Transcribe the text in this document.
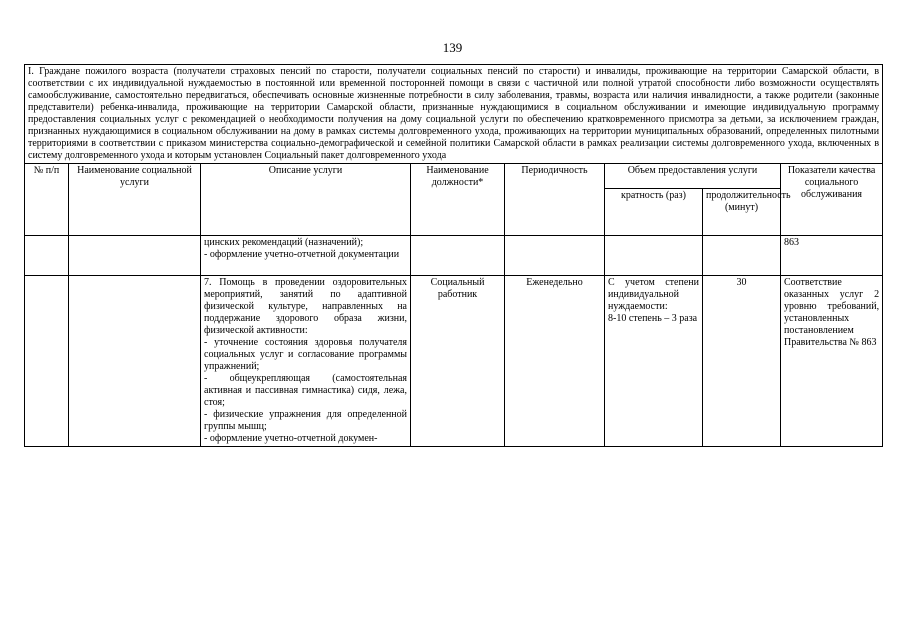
139
I. Граждане пожилого возраста (получатели страховых пенсий по старости, получатели социальных пенсий по старости) и инвалиды, проживающие на территории Самарской области, в соответствии с их индивидуальной нуждаемостью в постоянной или временной посторонней помощи в связи с частичной или полной утратой способности либо возможности осуществлять самообслуживание, самостоятельно передвигаться, обеспечивать основные жизненные потребности в силу заболевания, травмы, возраста или наличия инвалидности, а также родители (законные представители) ребенка-инвалида, проживающие на территории Самарской области, признанные нуждающимися в социальном обслуживании и имеющие индивидуальную программу предоставления социальных услуг с рекомендацией о необходимости получения на дому социальной услуги по обеспечению кратковременного присмотра за детьми, за исключением граждан, признанных нуждающимися в социальном обслуживании на дому в рамках системы долговременного ухода, проживающих на территории муниципальных образований, определенных пилотными территориями в соответствии с приказом министерства социально-демографической и семейной политики Самарской области в рамках реализации системы долговременного ухода, включенных в систему долговременного ухода и которым установлен Социальный пакет долговременного ухода							
№ п/п	Наименование социальной услуги	Описание услуги	Наименование должности*	Периодичность	Объем предоставления услуги		Показатели качества социального обслуживания
					кратность (раз)	продолжительность (минут)	

		цинских рекомендаций (назначений);
- оформление учетно-отчетной документации					863

		7. Помощь в проведении оздоровительных мероприятий, занятий по адаптивной физической культуре, направленных на поддержание здорового образа жизни, физической активности:
- уточнение состояния здоровья получателя социальных услуг и согласование программы упражнений;
- общеукрепляющая (самостоятельная активная и пассивная гимнастика) сидя, лежа, стоя;
- физические упражнения для определенной группы мышц;
- оформление учетно-отчетной докумен-	Социальный работник	Еженедельно	С учетом степени индивидуальной нуждаемости:
8-10 степень – 3 раза	30	Соответствие оказанных услуг 2 уровню требований, установленных постановлением Правительства № 863
